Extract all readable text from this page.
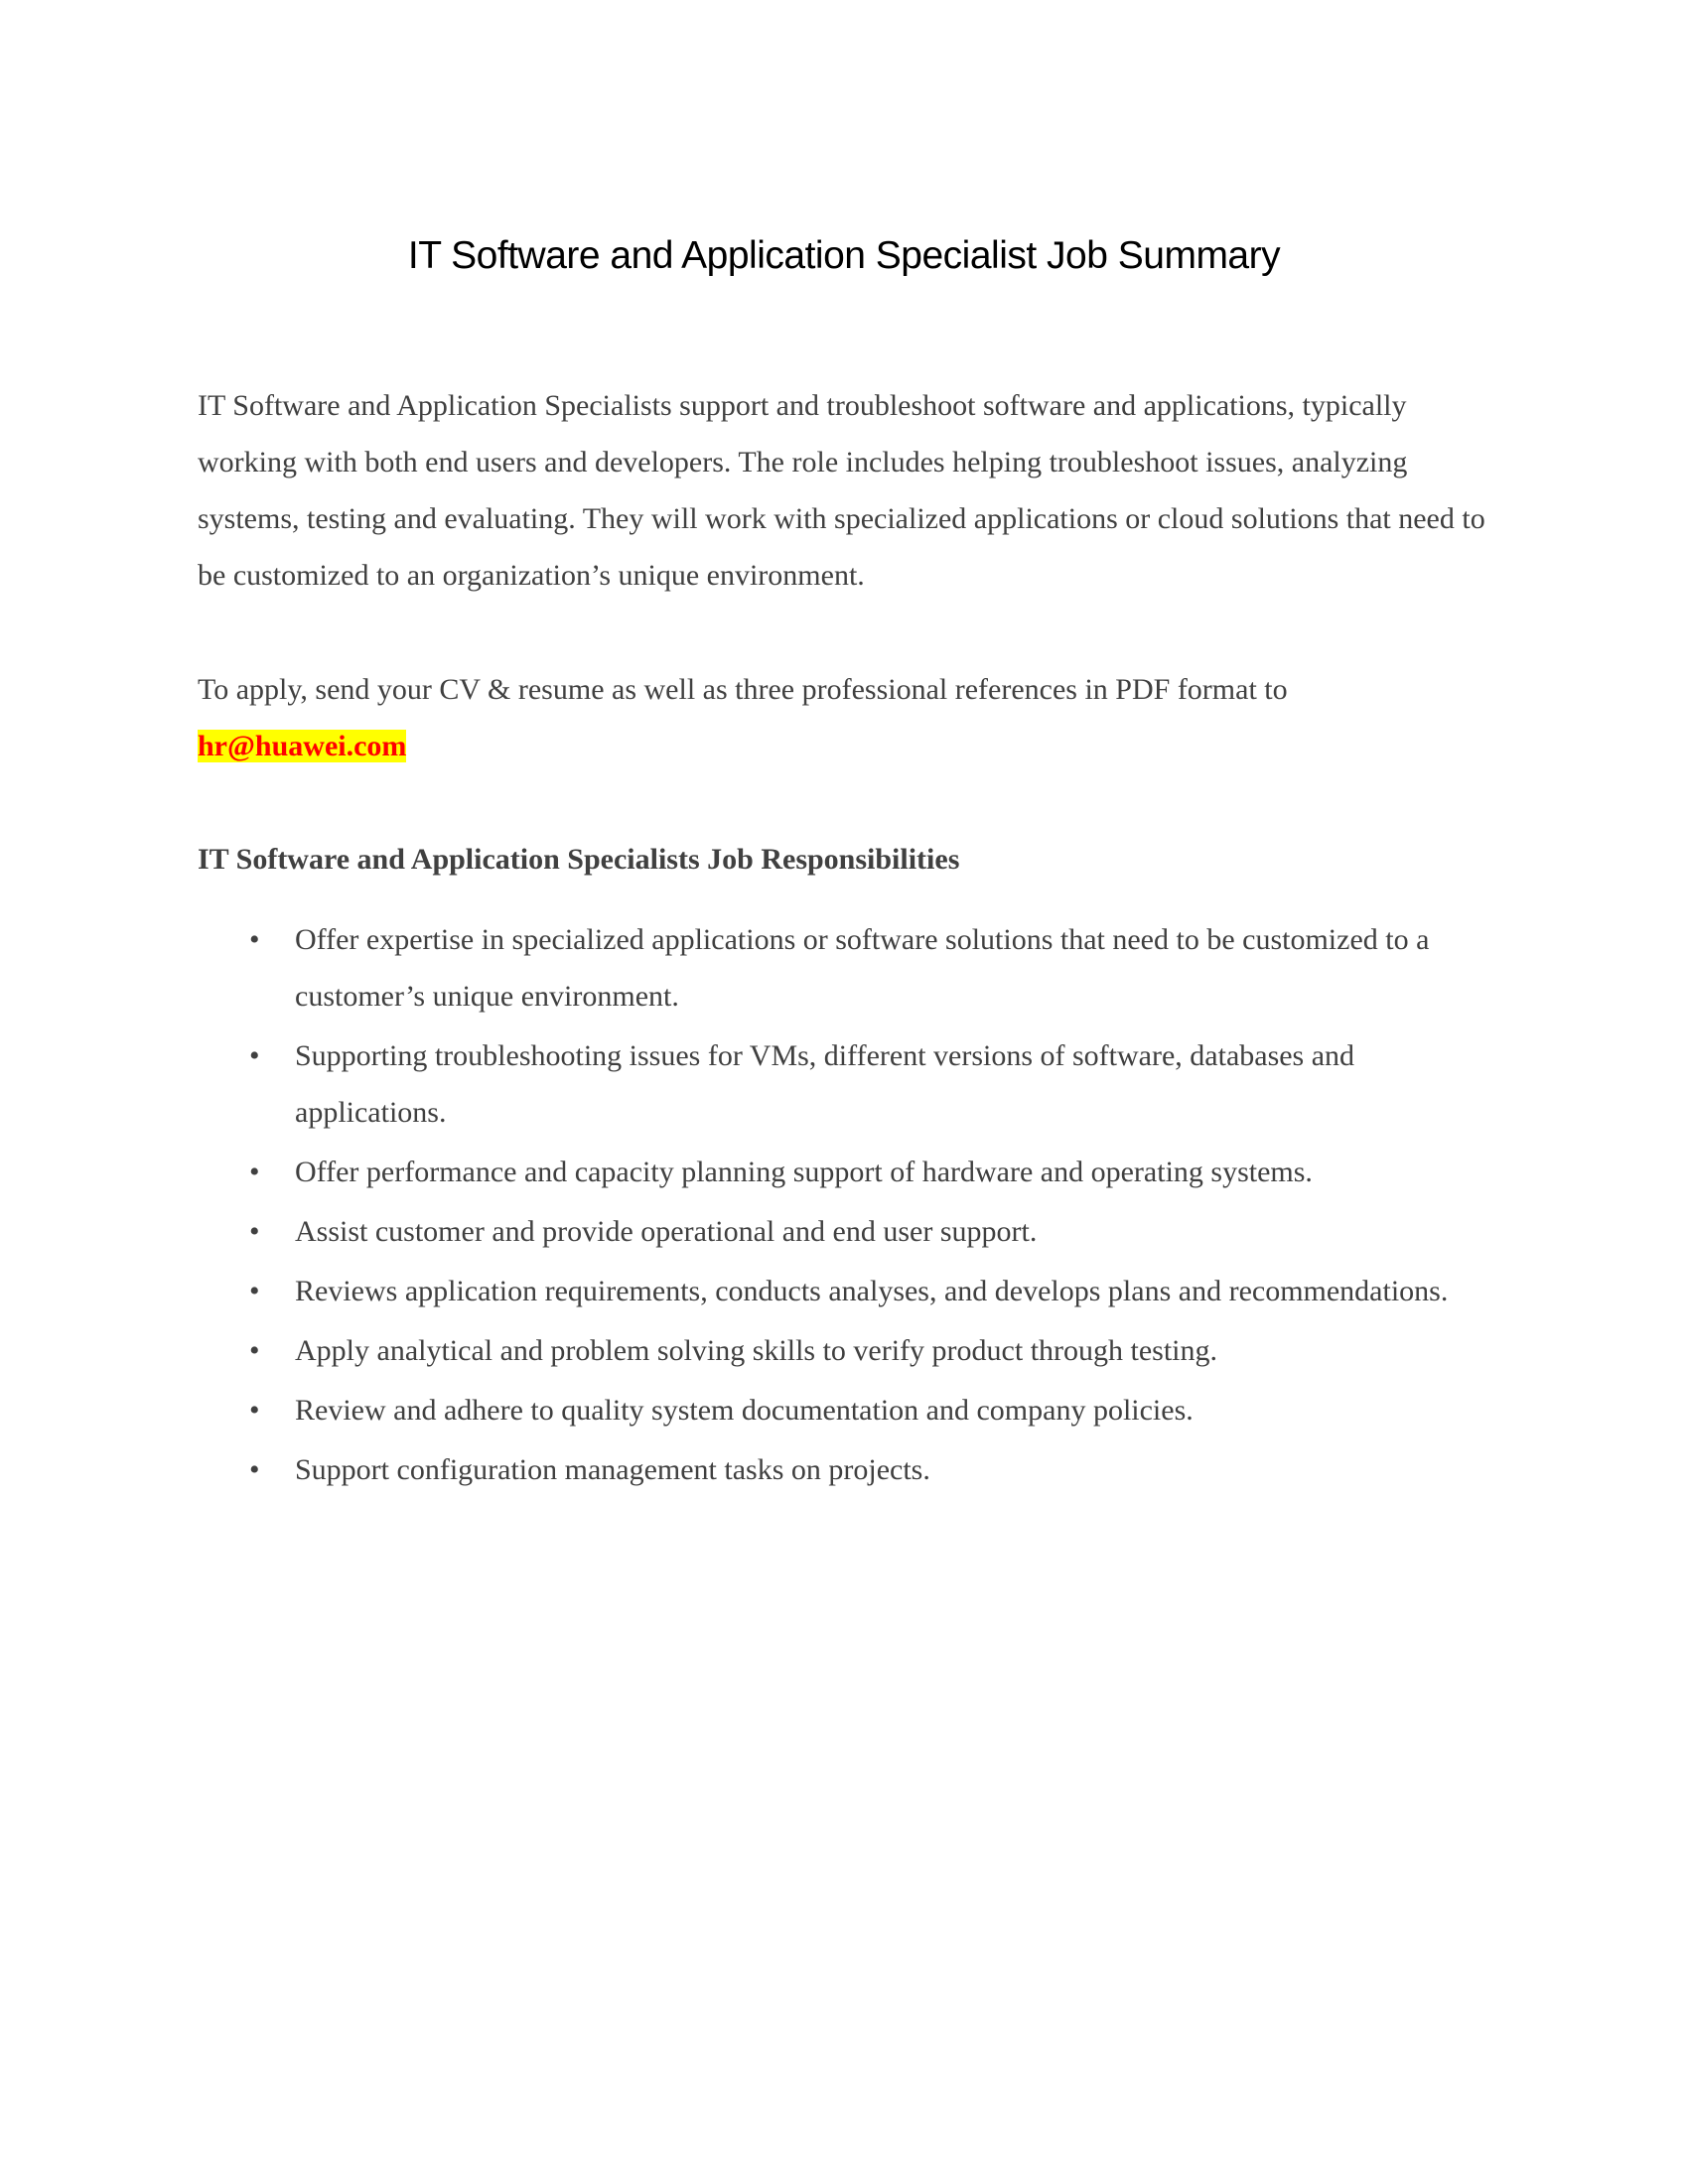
IT Software and Application Specialist Job Summary

IT Software and Application Specialists support and troubleshoot software and applications, typically working with both end users and developers. The role includes helping troubleshoot issues, analyzing systems, testing and evaluating. They will work with specialized applications or cloud solutions that need to be customized to an organization’s unique environment.

To apply, send your CV & resume as well as three professional references in PDF format to
hr@huawei.com
IT Software and Application Specialists Job Responsibilities
• Offer expertise in specialized applications or software solutions that need to be customized to a customer’s unique environment.
• Supporting troubleshooting issues for VMs, different versions of software, databases and applications.
• Offer performance and capacity planning support of hardware and operating systems.
• Assist customer and provide operational and end user support.
• Reviews application requirements, conducts analyses, and develops plans and recommendations.
• Apply analytical and problem solving skills to verify product through testing.
• Review and adhere to quality system documentation and company policies.
• Support configuration management tasks on projects.
